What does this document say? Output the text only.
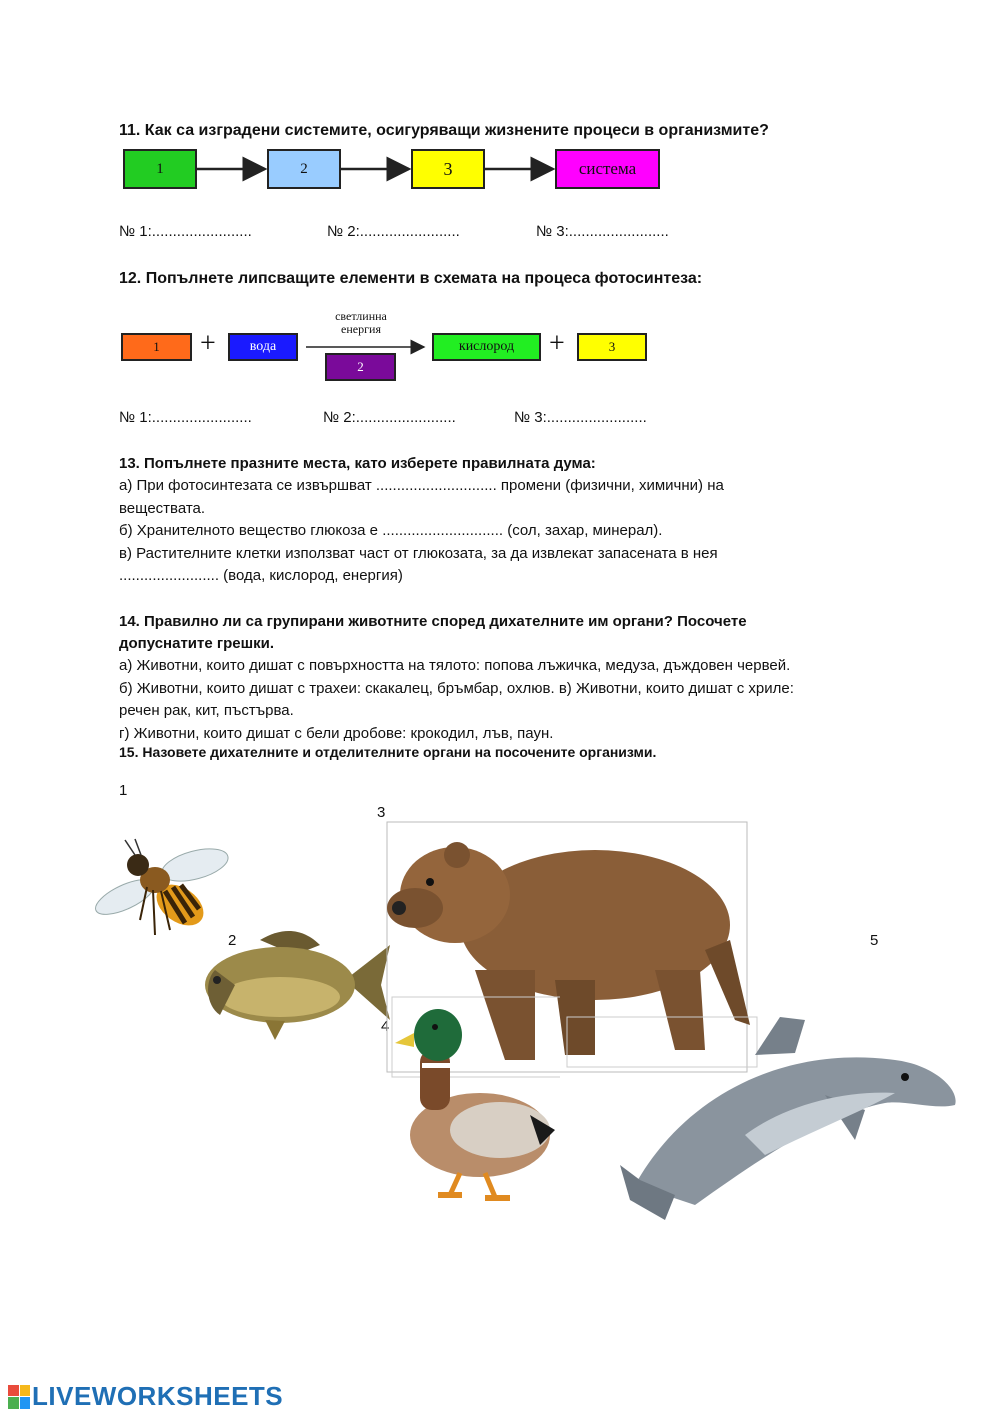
11. Как са изградени системите, осигуряващи жизнените процеси в организмите?
1	2	3	система
№ 1:........................	№ 2:........................	№ 3:........................
12. Попълнете липсващите елементи в схемата на процеса фотосинтеза:
1 + вода
светлинна
енергия
2
кислород +	3
№ 1:........................	№ 2:........................	№ 3:........................
13. Попълнете празните места, като изберете правилната дума:
а) При фотосинтезата се извършват ............................. промени (физични, химични) на
веществата.
б) Хранителното вещество глюкоза е ............................. (сол, захар, минерал).
в) Растителните клетки използват част от глюкозата, за да извлекат запасената в нея
........................ (вода, кислород, енергия)
14. Правилно ли са групирани животните според дихателните им органи? Посочете
допуснатите грешки.
а) Животни, които дишат с повърхността на тялото: попова лъжичка, медуза, дъждовен червей.
б) Животни, които дишат с трахеи: скакалец, бръмбар, охлюв. в) Животни, които дишат с хриле:
речен рак, кит, пъстърва.
г) Животни, които дишат с бели дробове: крокодил, лъв, паун.
15. Назовете дихателните и отделителните органи на посочените организми.
1
2
3
4
5
LIVEWORKSHEETS
